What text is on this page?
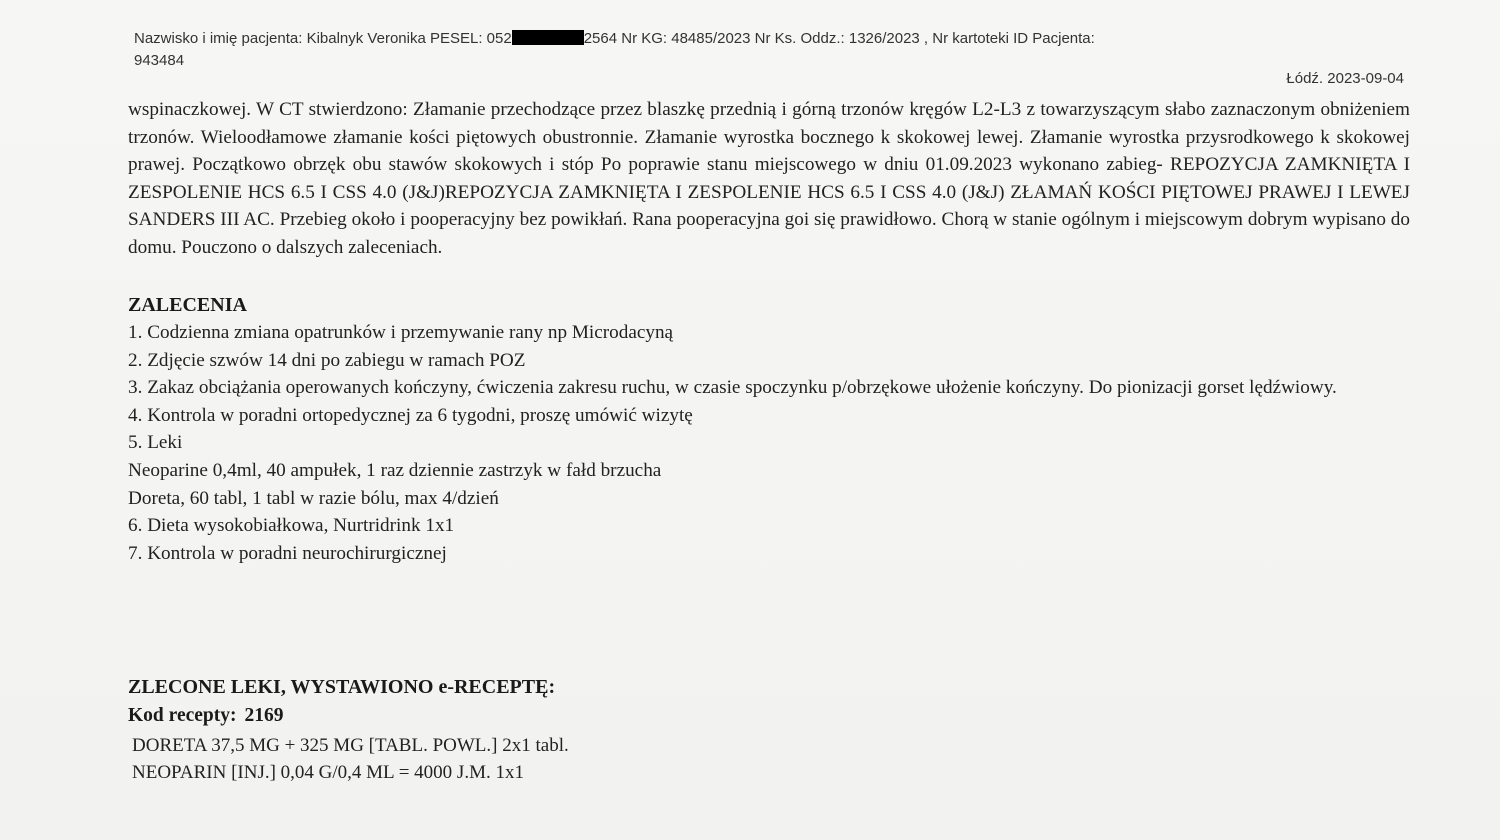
Nazwisko i imię pacjenta: Kibalnyk Veronika PESEL: 052	2564 Nr KG: 48485/2023 Nr Ks. Oddz.: 1326/2023 , Nr kartoteki ID Pacjenta:
943484
Łódź. 2023-09-04
wspinaczkowej. W CT stwierdzono: Złamanie przechodzące przez blaszkę przednią i górną trzonów kręgów L2-L3 z towarzyszącym słabo zaznaczonym obniżeniem trzonów. Wieloodłamowe złamanie kości piętowych obustronnie. Złamanie wyrostka bocznego k skokowej lewej. Złamanie wyrostka przysrodkowego k skokowej prawej. Początkowo obrzęk obu stawów skokowych i stóp Po poprawie stanu miejscowego w dniu 01.09.2023 wykonano zabieg- REPOZYCJA ZAMKNIĘTA I ZESPOLENIE HCS 6.5 I CSS 4.0 (J&J)REPOZYCJA ZAMKNIĘTA I ZESPOLENIE HCS 6.5 I CSS 4.0 (J&J) ZŁAMAŃ KOŚCI PIĘTOWEJ PRAWEJ I LEWEJ SANDERS III AC. Przebieg około i pooperacyjny bez powikłań. Rana pooperacyjna goi się prawidłowo. Chorą w stanie ogólnym i miejscowym dobrym wypisano do domu. Pouczono o dalszych zaleceniach.
ZALECENIA
1. Codzienna zmiana opatrunków i przemywanie rany np Microdacyną
2. Zdjęcie szwów 14 dni po zabiegu w ramach POZ
3. Zakaz obciążania operowanych kończyny, ćwiczenia zakresu ruchu, w czasie spoczynku p/obrzękowe ułożenie kończyny. Do pionizacji gorset lędźwiowy.
4. Kontrola w poradni ortopedycznej za 6 tygodni, proszę umówić wizytę
5. Leki
Neoparine 0,4ml, 40 ampułek, 1 raz dziennie zastrzyk w fałd brzucha
Doreta, 60 tabl, 1 tabl w razie bólu, max 4/dzień
6. Dieta wysokobiałkowa, Nurtridrink 1x1
7. Kontrola w poradni neurochirurgicznej
ZLECONE LEKI, WYSTAWIONO e-RECEPTĘ:
Kod recepty: 2169
DORETA 37,5 MG + 325 MG [TABL. POWL.] 2x1 tabl.
NEOPARIN [INJ.] 0,04 G/0,4 ML = 4000 J.M. 1x1
